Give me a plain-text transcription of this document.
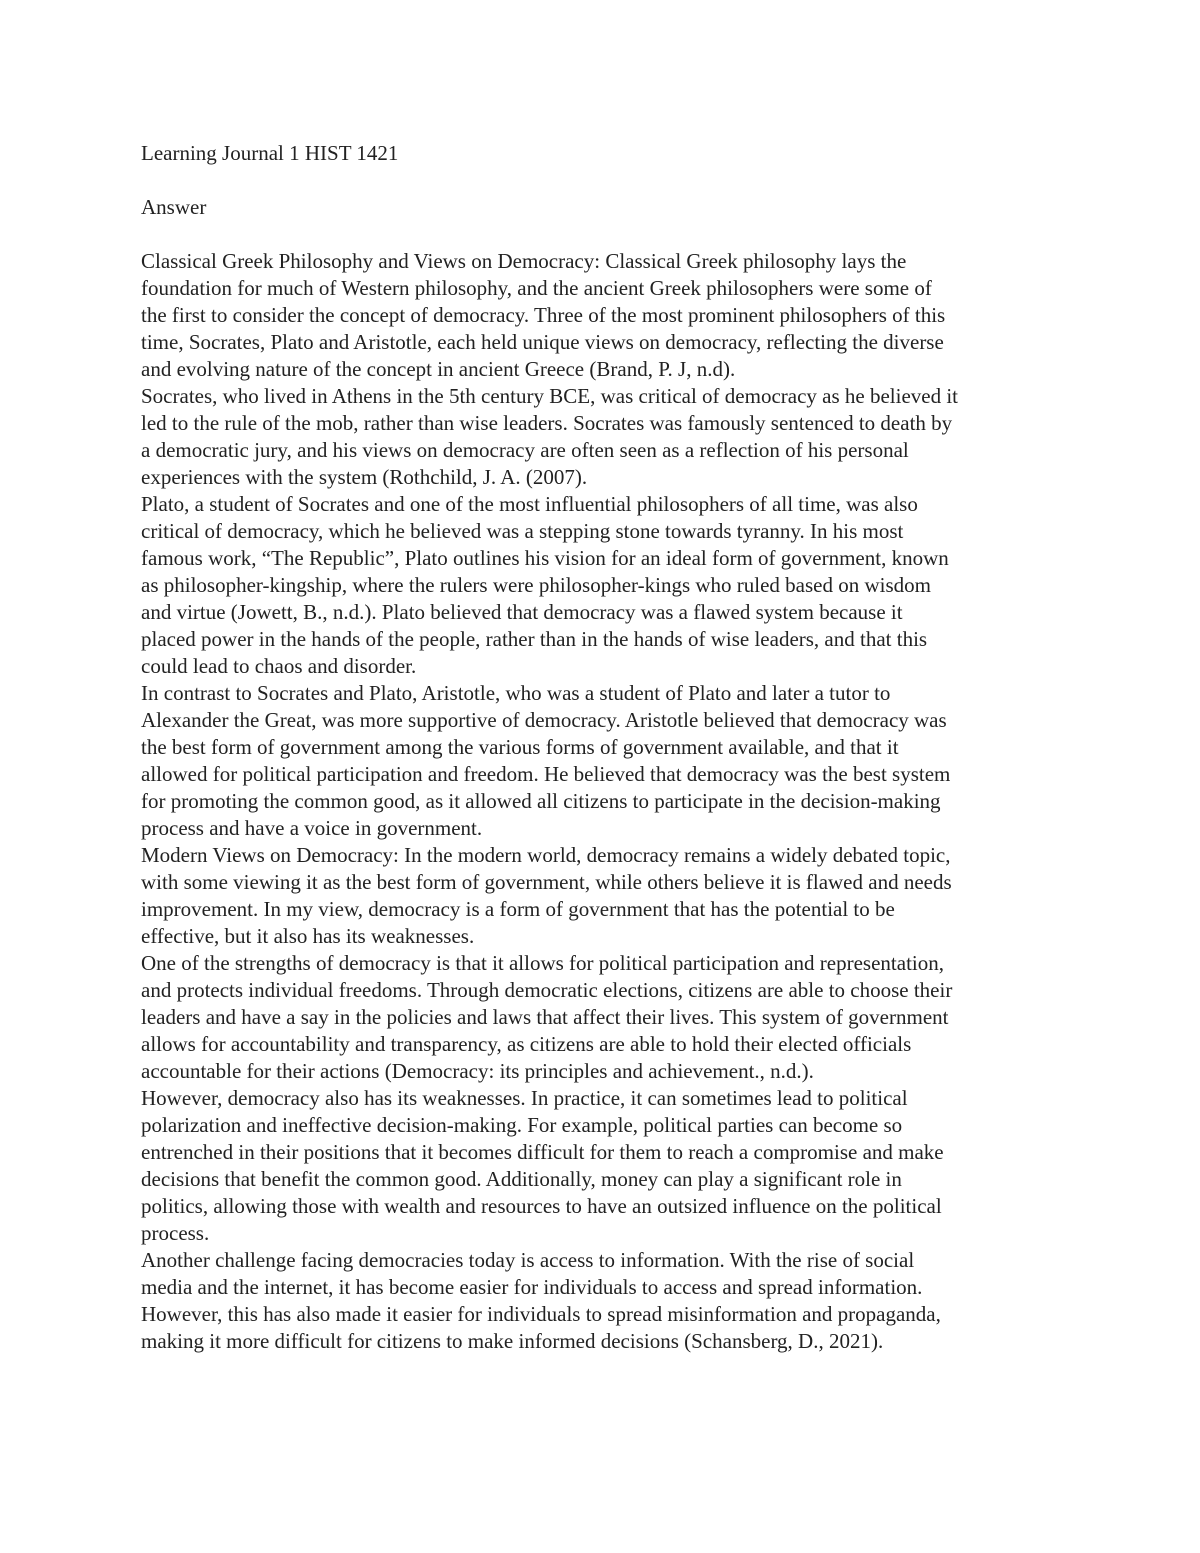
Learning Journal 1 HIST 1421

Answer

Classical Greek Philosophy and Views on Democracy: Classical Greek philosophy lays the
foundation for much of Western philosophy, and the ancient Greek philosophers were some of
the first to consider the concept of democracy. Three of the most prominent philosophers of this
time, Socrates, Plato and Aristotle, each held unique views on democracy, reflecting the diverse
and evolving nature of the concept in ancient Greece (Brand, P. J, n.d).

Socrates, who lived in Athens in the 5th century BCE, was critical of democracy as he believed it
led to the rule of the mob, rather than wise leaders. Socrates was famously sentenced to death by
a democratic jury, and his views on democracy are often seen as a reflection of his personal
experiences with the system (Rothchild, J. A. (2007).

Plato, a student of Socrates and one of the most influential philosophers of all time, was also
critical of democracy, which he believed was a stepping stone towards tyranny. In his most
famous work, “The Republic”, Plato outlines his vision for an ideal form of government, known
as philosopher-kingship, where the rulers were philosopher-kings who ruled based on wisdom
and virtue (Jowett, B., n.d.). Plato believed that democracy was a flawed system because it
placed power in the hands of the people, rather than in the hands of wise leaders, and that this
could lead to chaos and disorder.

In contrast to Socrates and Plato, Aristotle, who was a student of Plato and later a tutor to
Alexander the Great, was more supportive of democracy. Aristotle believed that democracy was
the best form of government among the various forms of government available, and that it
allowed for political participation and freedom. He believed that democracy was the best system
for promoting the common good, as it allowed all citizens to participate in the decision-making
process and have a voice in government.

Modern Views on Democracy: In the modern world, democracy remains a widely debated topic,
with some viewing it as the best form of government, while others believe it is flawed and needs
improvement. In my view, democracy is a form of government that has the potential to be
effective, but it also has its weaknesses.

One of the strengths of democracy is that it allows for political participation and representation,
and protects individual freedoms. Through democratic elections, citizens are able to choose their
leaders and have a say in the policies and laws that affect their lives. This system of government
allows for accountability and transparency, as citizens are able to hold their elected officials
accountable for their actions (Democracy: its principles and achievement., n.d.).

However, democracy also has its weaknesses. In practice, it can sometimes lead to political
polarization and ineffective decision-making. For example, political parties can become so
entrenched in their positions that it becomes difficult for them to reach a compromise and make
decisions that benefit the common good. Additionally, money can play a significant role in
politics, allowing those with wealth and resources to have an outsized influence on the political
process.

Another challenge facing democracies today is access to information. With the rise of social
media and the internet, it has become easier for individuals to access and spread information.
However, this has also made it easier for individuals to spread misinformation and propaganda,
making it more difficult for citizens to make informed decisions (Schansberg, D., 2021).
